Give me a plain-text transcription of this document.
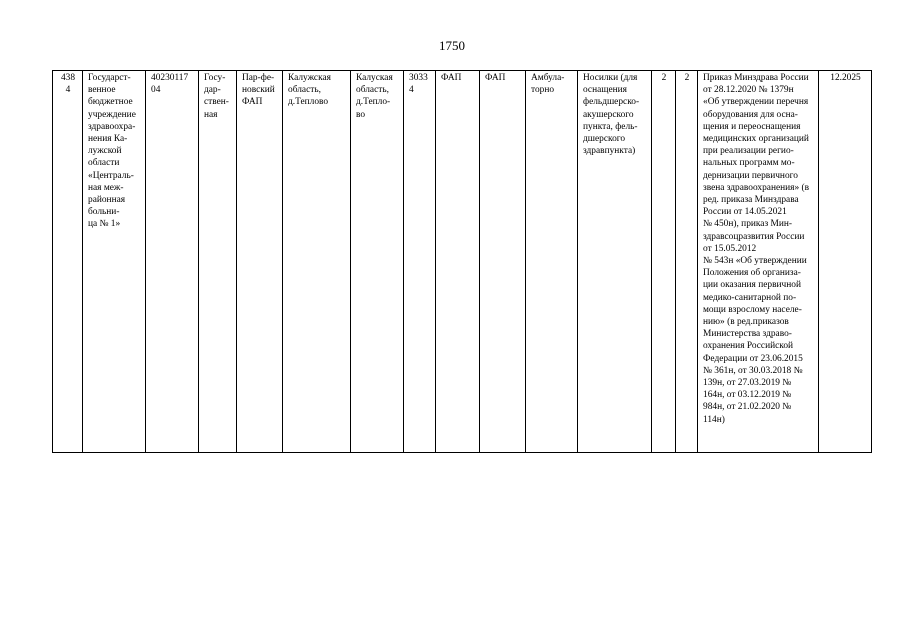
1750
438
4

Государст-
венное
бюджетное
учреждение
здравоохра-
нения Ка-
лужской
области
«Централь-
ная меж-
районная
больни-
ца № 1»

40230117
04

Госу-
дар-
ствен-
ная

Пар-фе-
новский
ФАП

Калужская
область,
д.Теплово

Калуская
область,
д.Тепло-
во

3033
4

ФАП	ФАП	Амбула-
торно

Носилки (для
оснащения
фельдшерско-
акушерского
пункта, фель-
дшерского
здравпункта)

2	2	Приказ Минздрава России
от 28.12.2020 № 1379н
«Об утверждении перечня
оборудования для осна-
щения и переоснащения
медицинских организаций
при реализации регио-
нальных программ мо-
дернизации первичного
звена здравоохранения» (в
ред. приказа Минздрава
России от 14.05.2021
№ 450н), приказ Мин-
здравсоцразвития России
от 15.05.2012
№ 543н «Об утверждении
Положения об организа-
ции оказания первичной
медико-санитарной по-
мощи взрослому населе-
нию» (в ред.приказов
Министерства здраво-
охранения Российской
Федерации от 23.06.2015
№ 361н, от 30.03.2018 №
139н, от 27.03.2019 №
164н, от 03.12.2019 №
984н, от 21.02.2020 №
114н)

12.2025
